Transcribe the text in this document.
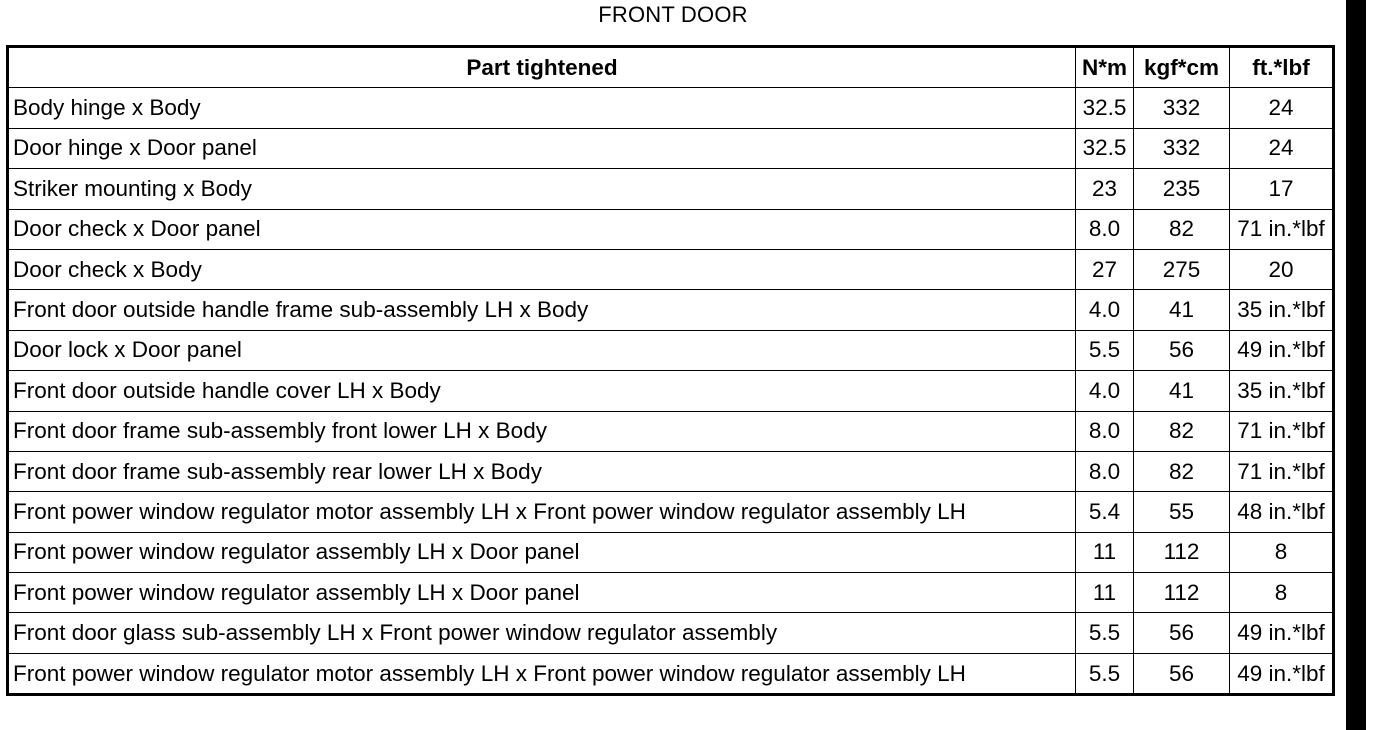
FRONT DOOR
Part tightened	N*m	kgf*cm	ft.*lbf
Body hinge x Body	32.5	332	24
Door hinge x Door panel	32.5	332	24
Striker mounting x Body	23	235	17
Door check x Door panel	8.0	82	71 in.*lbf
Door check x Body	27	275	20
Front door outside handle frame sub-assembly LH x Body	4.0	41	35 in.*lbf
Door lock x Door panel	5.5	56	49 in.*lbf
Front door outside handle cover LH x Body	4.0	41	35 in.*lbf
Front door frame sub-assembly front lower LH x Body	8.0	82	71 in.*lbf
Front door frame sub-assembly rear lower LH x Body	8.0	82	71 in.*lbf
Front power window regulator motor assembly LH x Front power window regulator assembly LH	5.4	55	48 in.*lbf
Front power window regulator assembly LH x Door panel	11	112	8
Front power window regulator assembly LH x Door panel	11	112	8
Front door glass sub-assembly LH x Front power window regulator assembly	5.5	56	49 in.*lbf
Front power window regulator motor assembly LH x Front power window regulator assembly LH	5.5	56	49 in.*lbf
